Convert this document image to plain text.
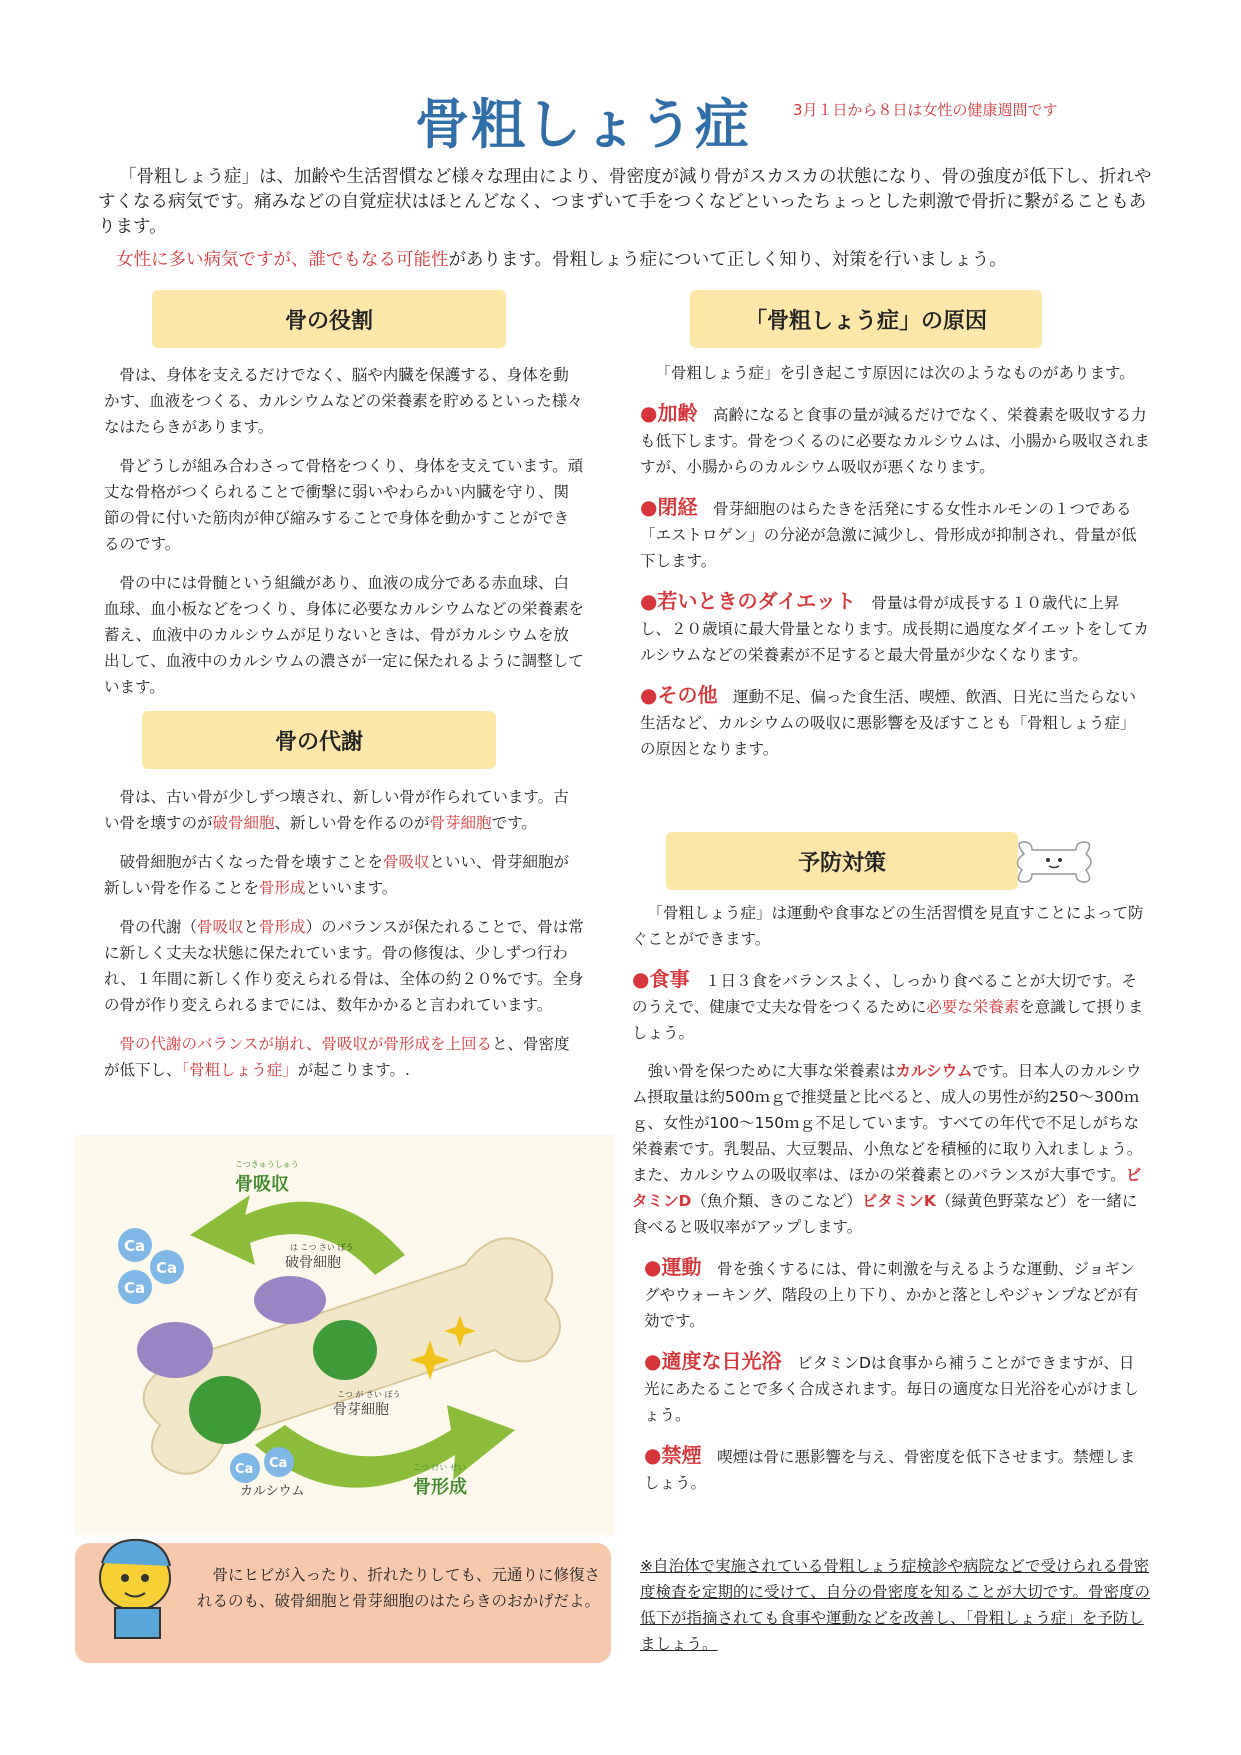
骨粗しょう症	3月１日から８日は女性の健康週間です
「骨粗しょう症」は、加齢や生活習慣など様々な理由により、骨密度が減り骨がスカスカの状態になり、骨の強度が低下し、折れやすくなる病気です。痛みなどの自覚症状はほとんどなく、つまずいて手をつくなどといったちょっとした刺激で骨折に繋がることもあります。
女性に多い病気ですが、誰でもなる可能性があります。骨粗しょう症について正しく知り、対策を行いましょう。
骨の役割
骨は、身体を支えるだけでなく、脳や内臓を保護する、身体を動かす、血液をつくる、カルシウムなどの栄養素を貯めるといった様々なはたらきがあります。
骨どうしが組み合わさって骨格をつくり、身体を支えています。頑丈な骨格がつくられることで衝撃に弱いやわらかい内臓を守り、関節の骨に付いた筋肉が伸び縮みすることで身体を動かすことができるのです。
骨の中には骨髄という組織があり、血液の成分である赤血球、白血球、血小板などをつくり、身体に必要なカルシウムなどの栄養素を蓄え、血液中のカルシウムが足りないときは、骨がカルシウムを放出して、血液中のカルシウムの濃さが一定に保たれるように調整しています。
骨の代謝
骨は、古い骨が少しずつ壊され、新しい骨が作られています。古い骨を壊すのが破骨細胞、新しい骨を作るのが骨芽細胞です。
破骨細胞が古くなった骨を壊すことを骨吸収といい、骨芽細胞が新しい骨を作ることを骨形成といいます。
骨の代謝（骨吸収と骨形成）のバランスが保たれることで、骨は常に新しく丈夫な状態に保たれています。骨の修復は、少しずつ行われ、１年間に新しく作り変えられる骨は、全体の約２０%です。全身の骨が作り変えられるまでには、数年かかると言われています。
骨の代謝のバランスが崩れ、骨吸収が骨形成を上回ると、骨密度が低下し、「骨粗しょう症」が起こります。.
Ca
Ca
Ca
Ca Ca
こつきゅうしゅう
骨吸収
は こつ さい ぼう
破骨細胞
こつ が さい ぼう
骨芽細胞
カルシウム
こつ けい せい
骨形成
骨にヒビが入ったり、折れたりしても、元通りに修復されるのも、破骨細胞と骨芽細胞のはたらきのおかげだよ。
「骨粗しょう症」の原因
「骨粗しょう症」を引き起こす原因には次のようなものがあります。
●加齢　 高齢になると食事の量が減るだけでなく、栄養素を吸収する力も低下します。骨をつくるのに必要なカルシウムは、小腸から吸収されますが、小腸からのカルシウム吸収が悪くなります。
●閉経　 骨芽細胞のはらたきを活発にする女性ホルモンの１つである「エストロゲン」の分泌が急激に減少し、骨形成が抑制され、骨量が低下します。
●若いときのダイエット　 骨量は骨が成長する１０歳代に上昇し、２０歳頃に最大骨量となります。成長期に過度なダイエットをしてカルシウムなどの栄養素が不足すると最大骨量が少なくなります。
●その他　 運動不足、偏った食生活、喫煙、飲酒、日光に当たらない生活など、カルシウムの吸収に悪影響を及ぼすことも「骨粗しょう症」の原因となります。
予防対策
「骨粗しょう症」は運動や食事などの生活習慣を見直すことによって防ぐことができます。
●食事　 １日３食をバランスよく、しっかり食べることが大切です。そのうえで、健康で丈夫な骨をつくるために必要な栄養素を意識して摂りましょう。
強い骨を保つために大事な栄養素はカルシウムです。日本人のカルシウム摂取量は約500ｍｇで推奨量と比べると、成人の男性が約250～300ｍｇ、女性が100～150ｍｇ不足しています。すべての年代で不足しがちな栄養素です。乳製品、大豆製品、小魚などを積極的に取り入れましょう。また、カルシウムの吸収率は、ほかの栄養素とのバランスが大事です。ビタミンD（魚介類、きのこなど）ビタミンK（緑黄色野菜など）を一緒に食べると吸収率がアップします。
●運動　 骨を強くするには、骨に刺激を与えるような運動、ジョギングやウォーキング、階段の上り下り、かかと落としやジャンプなどが有効です。
●適度な日光浴　 ビタミンDは食事から補うことができますが、日光にあたることで多く合成されます。毎日の適度な日光浴を心がけましょう。
●禁煙　 喫煙は骨に悪影響を与え、骨密度を低下させます。禁煙しましょう。
※自治体で実施されている骨粗しょう症検診や病院などで受けられる骨密度検査を定期的に受けて、自分の骨密度を知ることが大切です。骨密度の低下が指摘されても食事や運動などを改善し、「骨粗しょう症」を予防しましょう。
